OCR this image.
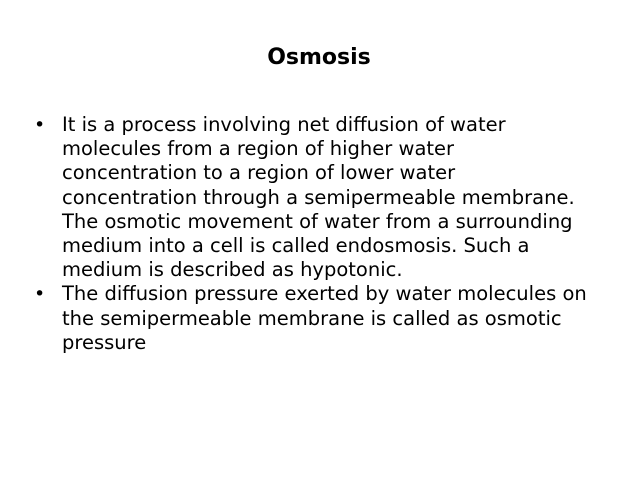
Osmosis
• It is a process involving net diffusion of water molecules from a region of higher water concentration to a region of lower water concentration through a semipermeable membrane. The osmotic movement of water from a surrounding medium into a cell is called endosmosis. Such a medium is described as hypotonic.
• The diffusion pressure exerted by water molecules on the semipermeable membrane is called as osmotic pressure
